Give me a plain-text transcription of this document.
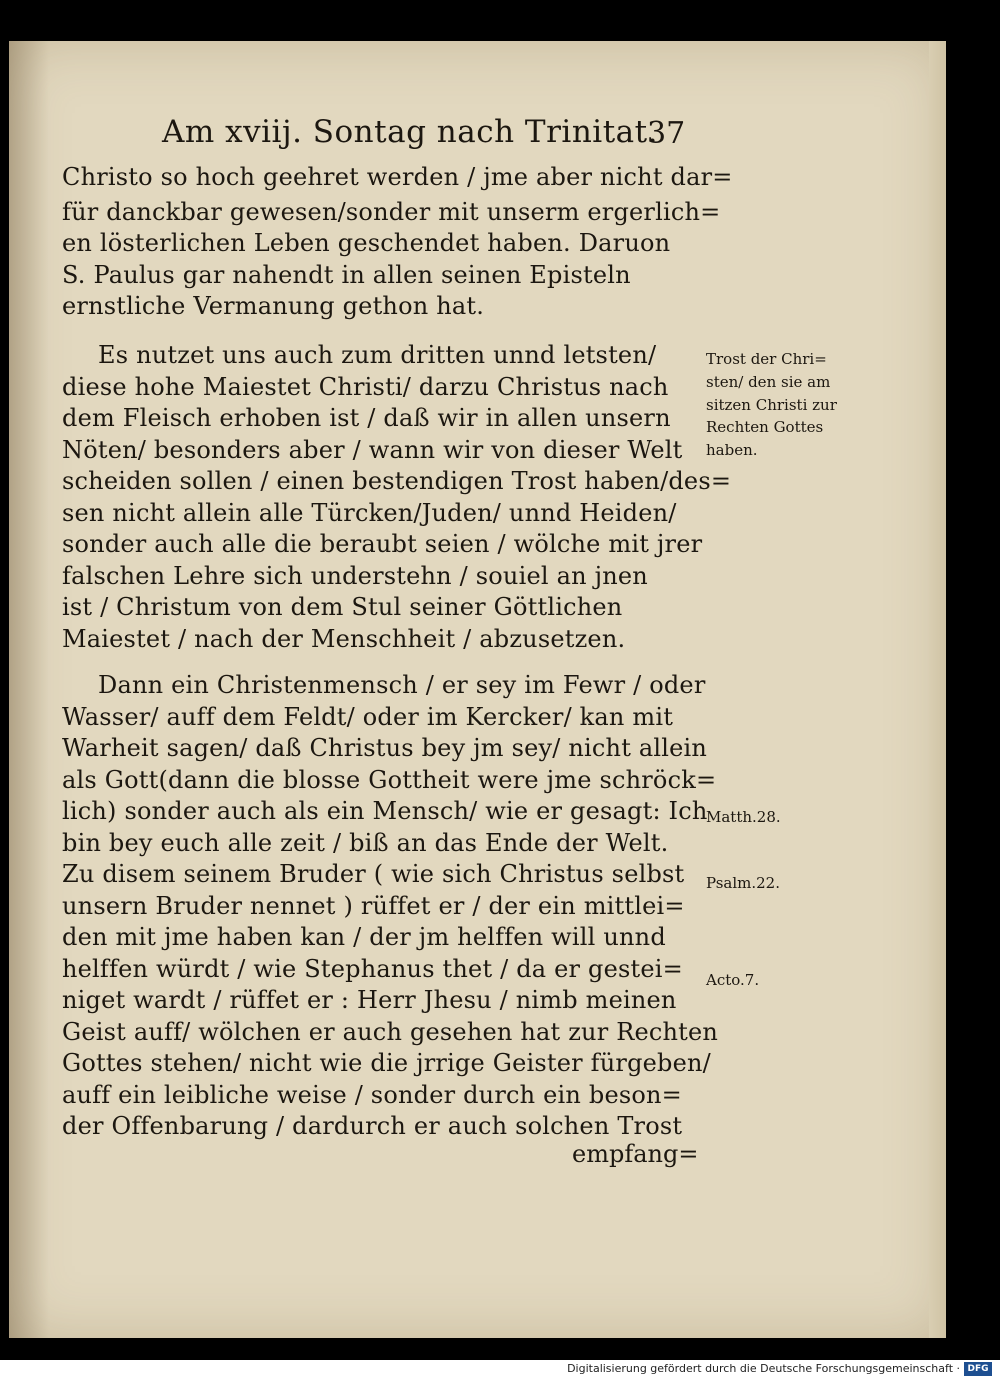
Am xviij. Sontag nach Trinitat.
37
Christo so hoch geehret werden / jme aber nicht dar=
für danckbar gewesen/sonder mit unserm ergerlich=
en lösterlichen Leben geschendet haben. Daruon
S. Paulus gar nahendt in allen seinen Episteln
ernstliche Vermanung gethon hat.
Es nutzet uns auch zum dritten unnd letsten/
diese hohe Maiestet Christi/ darzu Christus nach
dem Fleisch erhoben ist / daß wir in allen unsern
Nöten/ besonders aber / wann wir von dieser Welt
scheiden sollen / einen bestendigen Trost haben/des=
sen nicht allein alle Türcken/Juden/ unnd Heiden/
sonder auch alle die beraubt seien / wölche mit jrer
falschen Lehre sich understehn / souiel an jnen
ist / Christum von dem Stul seiner Göttlichen
Maiestet / nach der Menschheit / abzusetzen.
Dann ein Christenmensch / er sey im Fewr / oder
Wasser/ auff dem Feldt/ oder im Kercker/ kan mit
Warheit sagen/ daß Christus bey jm sey/ nicht allein
als Gott(dann die blosse Gottheit were jme schröck=
lich) sonder auch als ein Mensch/ wie er gesagt: Ich
bin bey euch alle zeit / biß an das Ende der Welt.
Zu disem seinem Bruder ( wie sich Christus selbst
unsern Bruder nennet ) rüffet er / der ein mittlei=
den mit jme haben kan / der jm helffen will unnd
helffen würdt / wie Stephanus thet / da er gestei=
niget wardt / rüffet er : Herr Jhesu / nimb meinen
Geist auff/ wölchen er auch gesehen hat zur Rechten
Gottes stehen/ nicht wie die jrrige Geister fürgeben/
auff ein leibliche weise / sonder durch ein beson=
der Offenbarung / dardurch er auch solchen Trost
empfang=
Trost der Chri=
sten/ den sie am
sitzen Christi zur
Rechten Gottes
haben.
Matth.28.
Psalm.22.
Acto.7.
Digitalisierung gefördert durch die Deutsche Forschungsgemeinschaft · DFG
